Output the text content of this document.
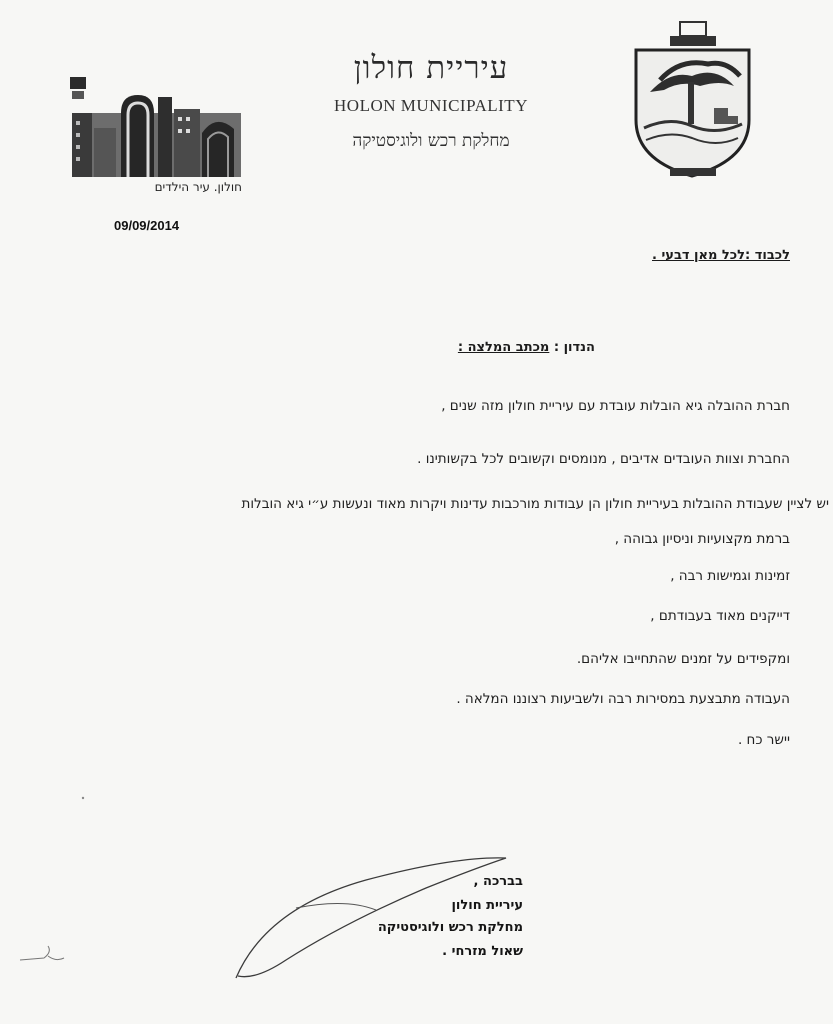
חולון. עיר הילדים
עיריית חולון
HOLON MUNICIPALITY
מחלקת רכש ולוגיסטיקה
09/09/2014
לכבוד :לכל מאן דבעי .
הנדון : מכתב המלצה :
חברת ההובלה גיא הובלות עובדת עם עיריית חולון מזה שנים ,
החברת וצוות העובדים אדיבים , מנומסים וקשובים לכל בקשותינו .
יש לציין שעבודת ההובלות בעיריית חולון הן עבודות מורכבות עדינות ויקרות מאוד ונעשות ע״י גיא הובלות
ברמת מקצועיות וניסיון גבוהה ,
זמינות וגמישות רבה ,
דייקנים מאוד בעבודתם ,
ומקפידים על זמנים שהתחייבו אליהם.
העבודה מתבצעת במסירות רבה ולשביעות רצוננו המלאה .
יישר כח .
בברכה ,
עיריית חולון
מחלקת רכש ולוגיסטיקה
שאול מזרחי .
